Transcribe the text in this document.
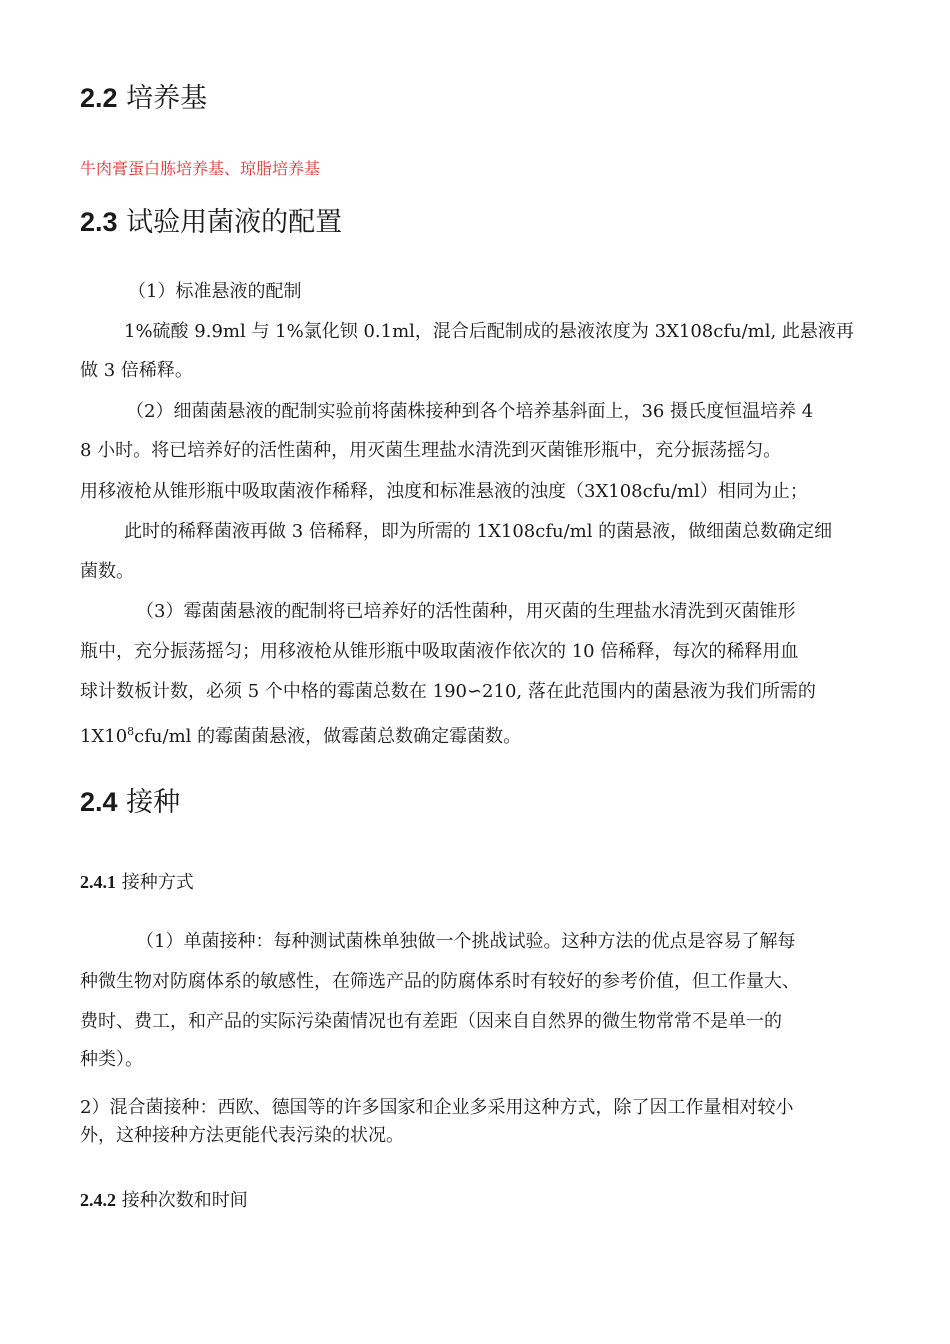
2.2 培养基
牛肉膏蛋白胨培养基、琼脂培养基
2.3 试验用菌液的配置
（1）标准悬液的配制
1%硫酸 9.9ml 与 1%氯化钡 0.1ml，混合后配制成的悬液浓度为 3X108cfu/ml, 此悬液再
做 3 倍稀释。
（2）细菌菌悬液的配制实验前将菌株接种到各个培养基斜面上，36 摄氏度恒温培养 4
8 小时。将已培养好的活性菌种，用灭菌生理盐水清洗到灭菌锥形瓶中，充分振荡摇匀。
用移液枪从锥形瓶中吸取菌液作稀释，浊度和标准悬液的浊度（3X108cfu/ml）相同为止；
此时的稀释菌液再做 3 倍稀释，即为所需的 1X108cfu/ml 的菌悬液，做细菌总数确定细
菌数。
（3）霉菌菌悬液的配制将已培养好的活性菌种，用灭菌的生理盐水清洗到灭菌锥形
瓶中，充分振荡摇匀；用移液枪从锥形瓶中吸取菌液作依次的 10 倍稀释，每次的稀释用血
球计数板计数，必须 5 个中格的霉菌总数在 190∽210, 落在此范围内的菌悬液为我们所需的
$1X10^8cfu/ml$ 的霉菌菌悬液，做霉菌总数确定霉菌数。
2.4 接种
2.4.1 接种方式
（1）单菌接种：每种测试菌株单独做一个挑战试验。这种方法的优点是容易了解每
种微生物对防腐体系的敏感性，在筛选产品的防腐体系时有较好的参考价值，但工作量大、
费时、费工，和产品的实际污染菌情况也有差距（因来自自然界的微生物常常不是单一的
种类）。
2）混合菌接种：西欧、德国等的许多国家和企业多采用这种方式，除了因工作量相对较小
外，这种接种方法更能代表污染的状况。
2.4.2 接种次数和时间
